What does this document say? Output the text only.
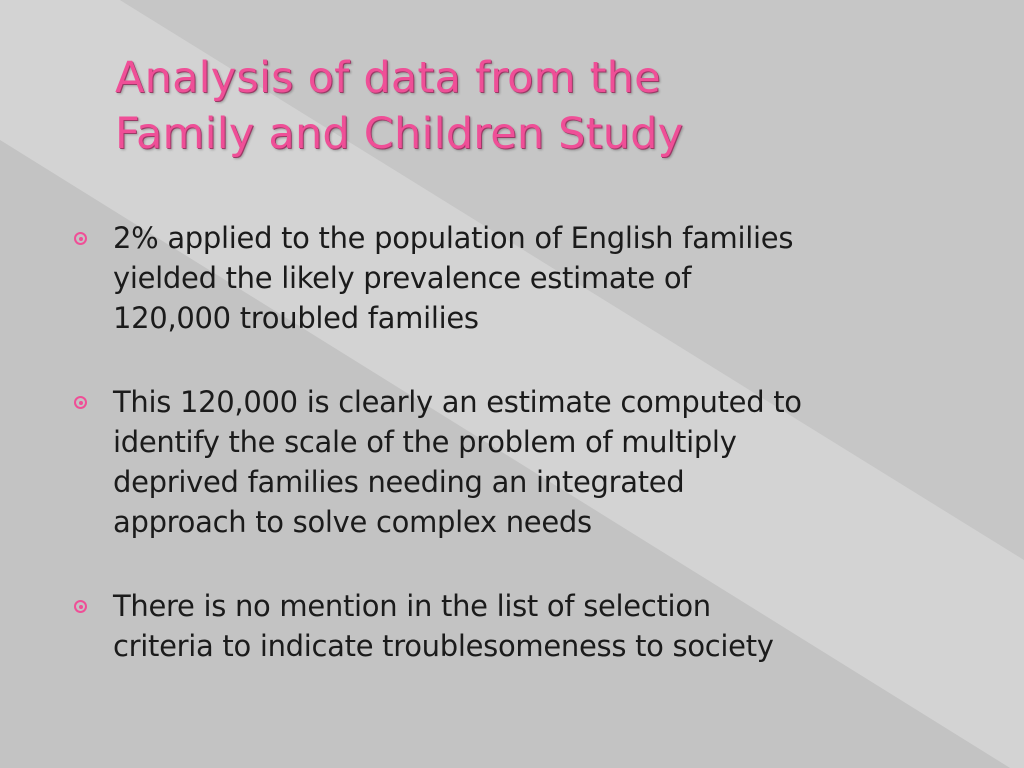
Analysis of data from the
Family and Children Study
2% applied to the population of English families
yielded the likely prevalence estimate of
120,000 troubled families
This 120,000 is clearly an estimate computed to
identify the scale of the problem of multiply
deprived families needing an integrated
approach to solve complex needs
There is no mention in the list of selection
criteria to indicate troublesomeness to society
